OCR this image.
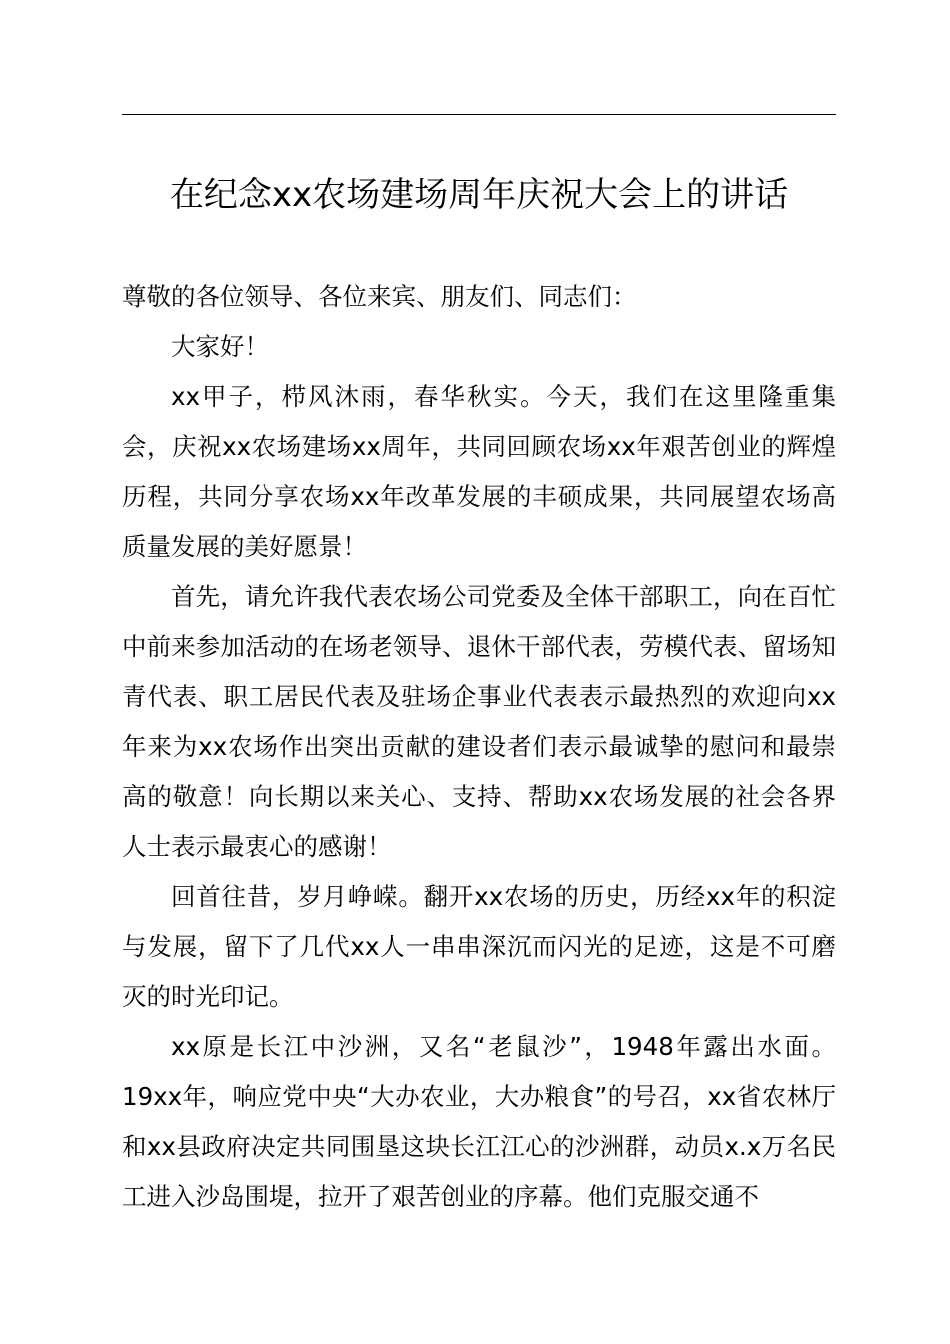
在纪念xx农场建场周年庆祝大会上的讲话

尊敬的各位领导、各位来宾、朋友们、同志们：

大家好！

xx甲子，栉风沐雨，春华秋实。今天，我们在这里隆重集会，庆祝xx农场建场xx周年，共同回顾农场xx年艰苦创业的辉煌历程，共同分享农场xx年改革发展的丰硕成果，共同展望农场高质量发展的美好愿景！

首先，请允许我代表农场公司党委及全体干部职工，向在百忙中前来参加活动的在场老领导、退休干部代表，劳模代表、留场知青代表、职工居民代表及驻场企事业代表表示最热烈的欢迎向xx年来为xx农场作出突出贡献的建设者们表示最诚挚的慰问和最崇高的敬意！向长期以来关心、支持、帮助xx农场发展的社会各界人士表示最衷心的感谢！

回首往昔，岁月峥嵘。翻开xx农场的历史，历经xx年的积淀与发展，留下了几代xx人一串串深沉而闪光的足迹，这是不可磨灭的时光印记。

xx原是长江中沙洲，又名“老鼠沙”，1948年露出水面。19xx年，响应党中央“大办农业，大办粮食”的号召，xx省农林厅和xx县政府决定共同围垦这块长江江心的沙洲群，动员x.x万名民工进入沙岛围堤，拉开了艰苦创业的序幕。他们克服交通不
